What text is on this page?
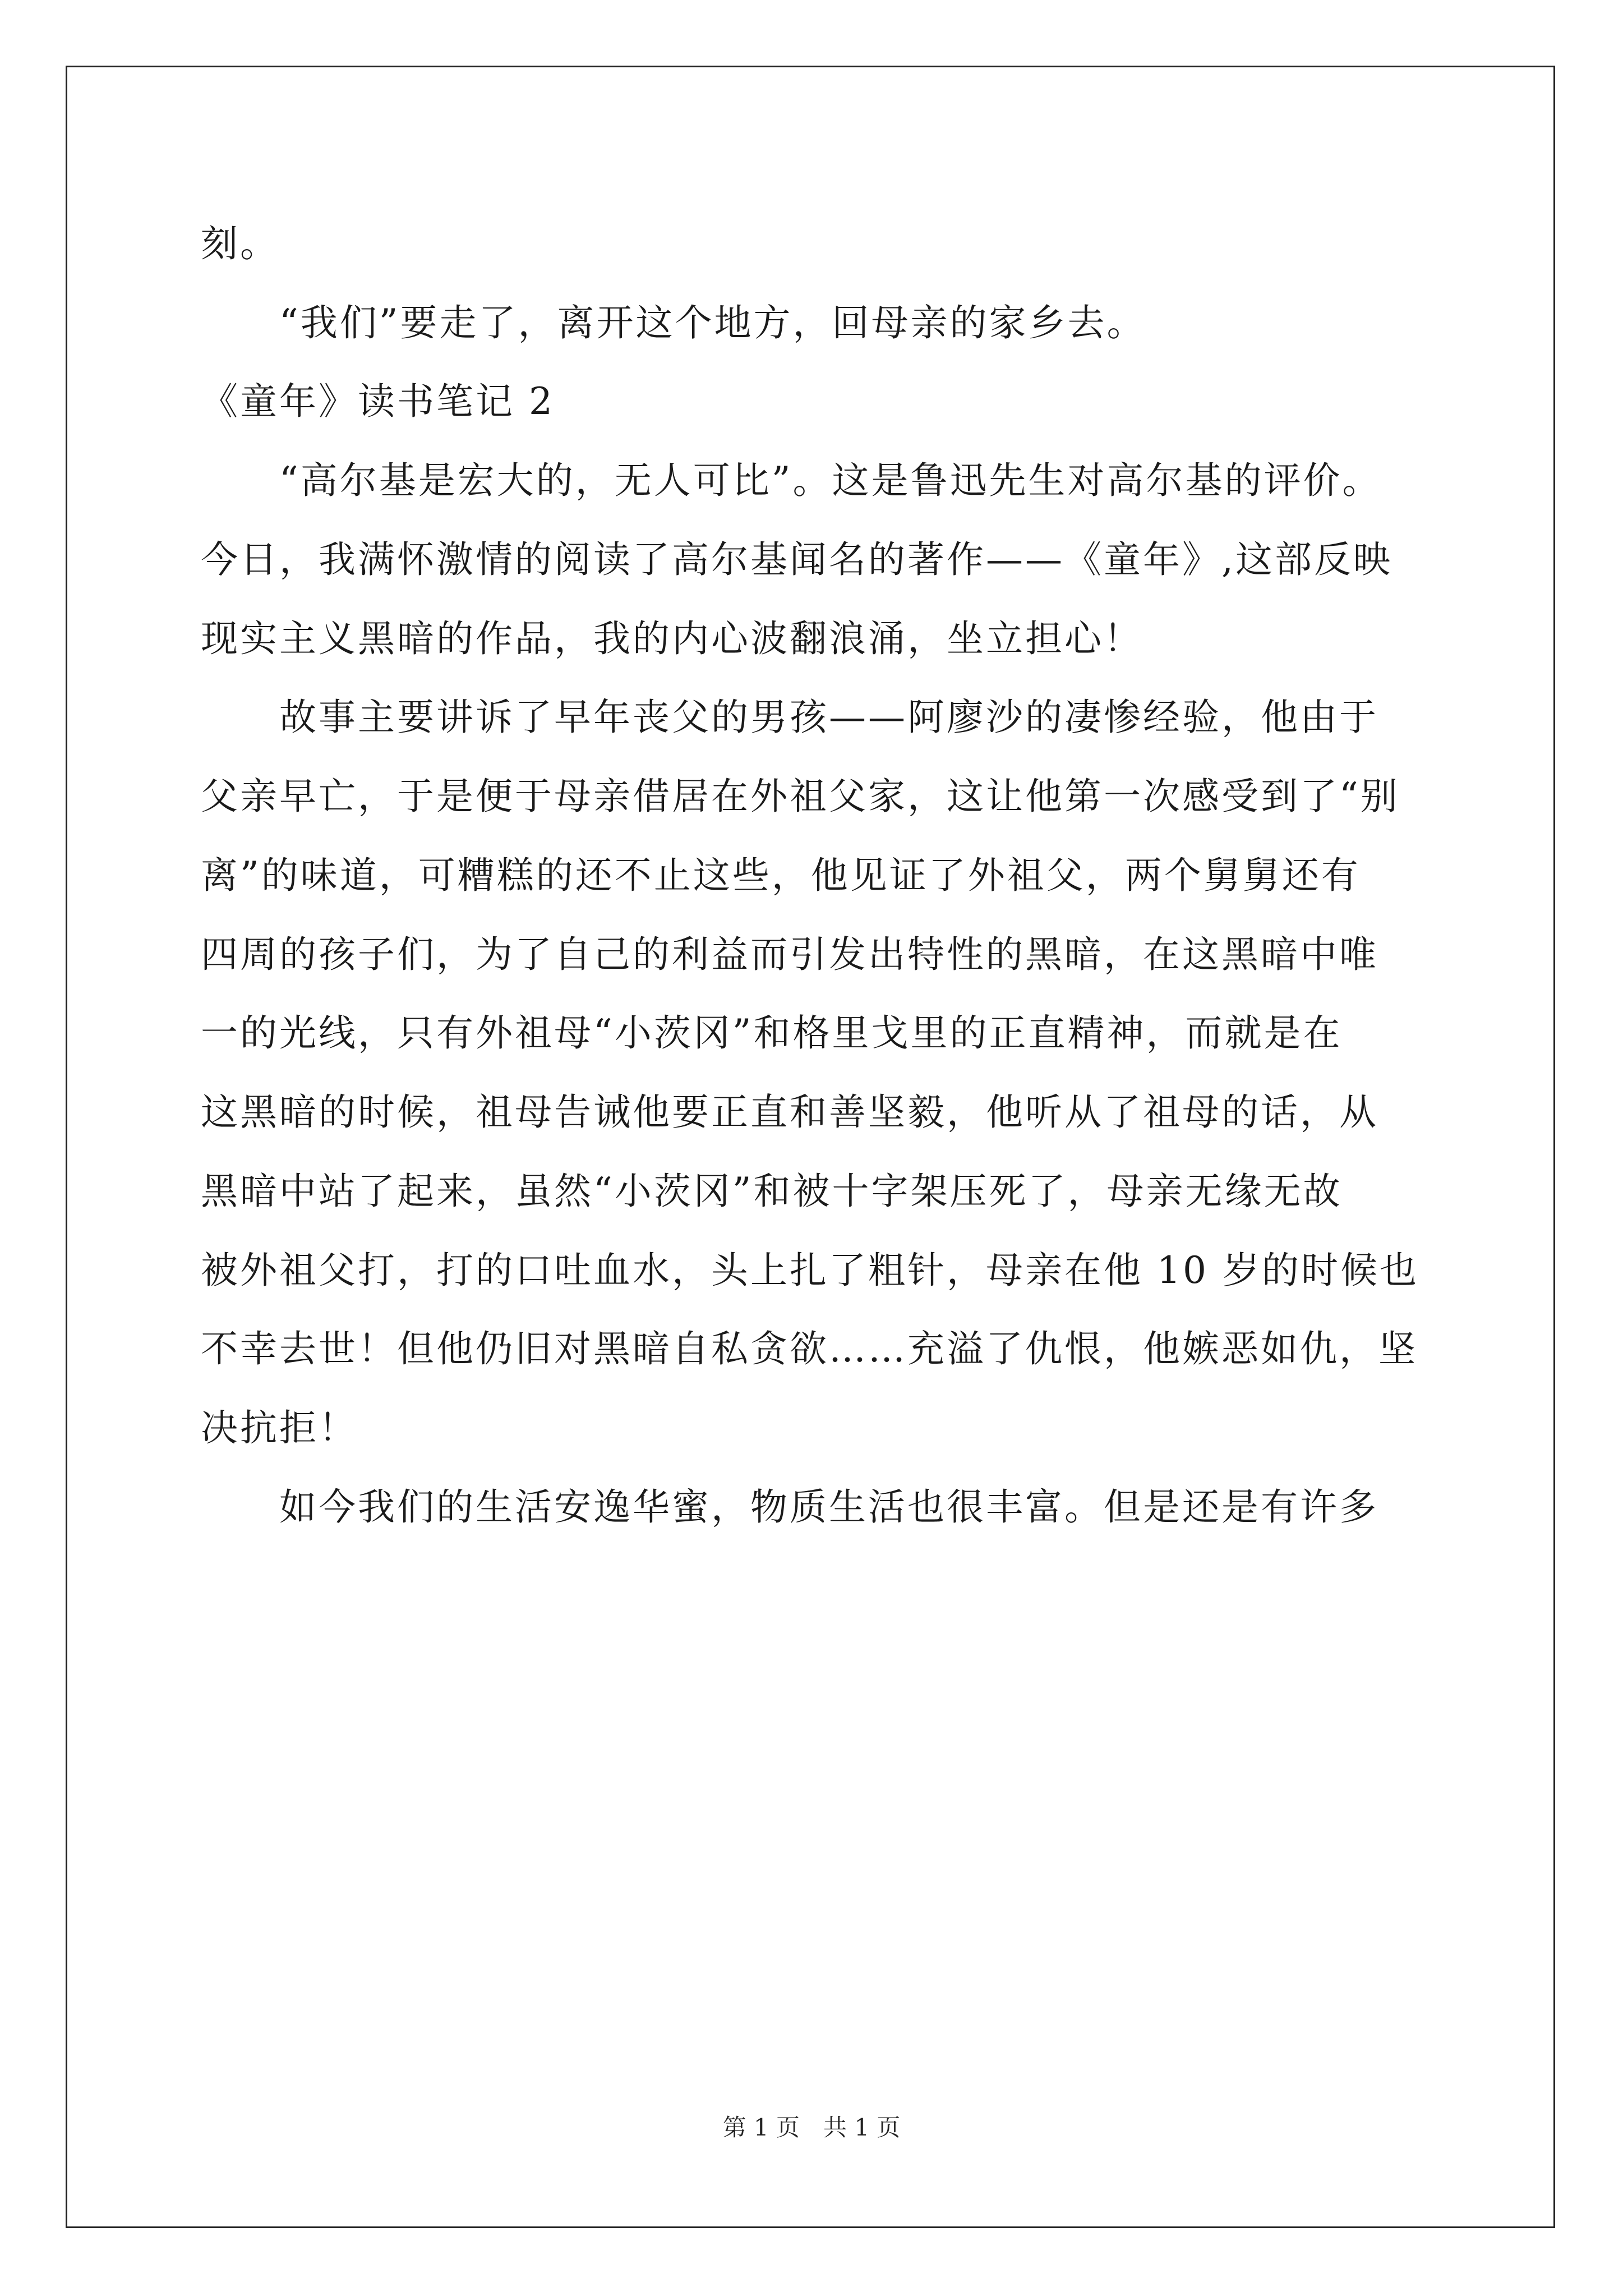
刻。
　　“我们”要走了，离开这个地方，回母亲的家乡去。
《童年》读书笔记 2
　　“高尔基是宏大的，无人可比”。这是鲁迅先生对高尔基的评价。
今日，我满怀激情的阅读了高尔基闻名的著作——《童年》,这部反映
现实主义黑暗的作品，我的内心波翻浪涌，坐立担心！
　　故事主要讲诉了早年丧父的男孩——阿廖沙的凄惨经验，他由于
父亲早亡，于是便于母亲借居在外祖父家，这让他第一次感受到了“别
离”的味道，可糟糕的还不止这些，他见证了外祖父，两个舅舅还有
四周的孩子们，为了自己的利益而引发出特性的黑暗，在这黑暗中唯
一的光线，只有外祖母“小茨冈”和格里戈里的正直精神，而就是在
这黑暗的时候，祖母告诫他要正直和善坚毅，他听从了祖母的话，从
黑暗中站了起来，虽然“小茨冈”和被十字架压死了，母亲无缘无故
被外祖父打，打的口吐血水，头上扎了粗针，母亲在他 10 岁的时候也
不幸去世！但他仍旧对黑暗自私贪欲……充溢了仇恨，他嫉恶如仇，坚
决抗拒！
　　如今我们的生活安逸华蜜，物质生活也很丰富。但是还是有许多
第 1 页　共 1 页
